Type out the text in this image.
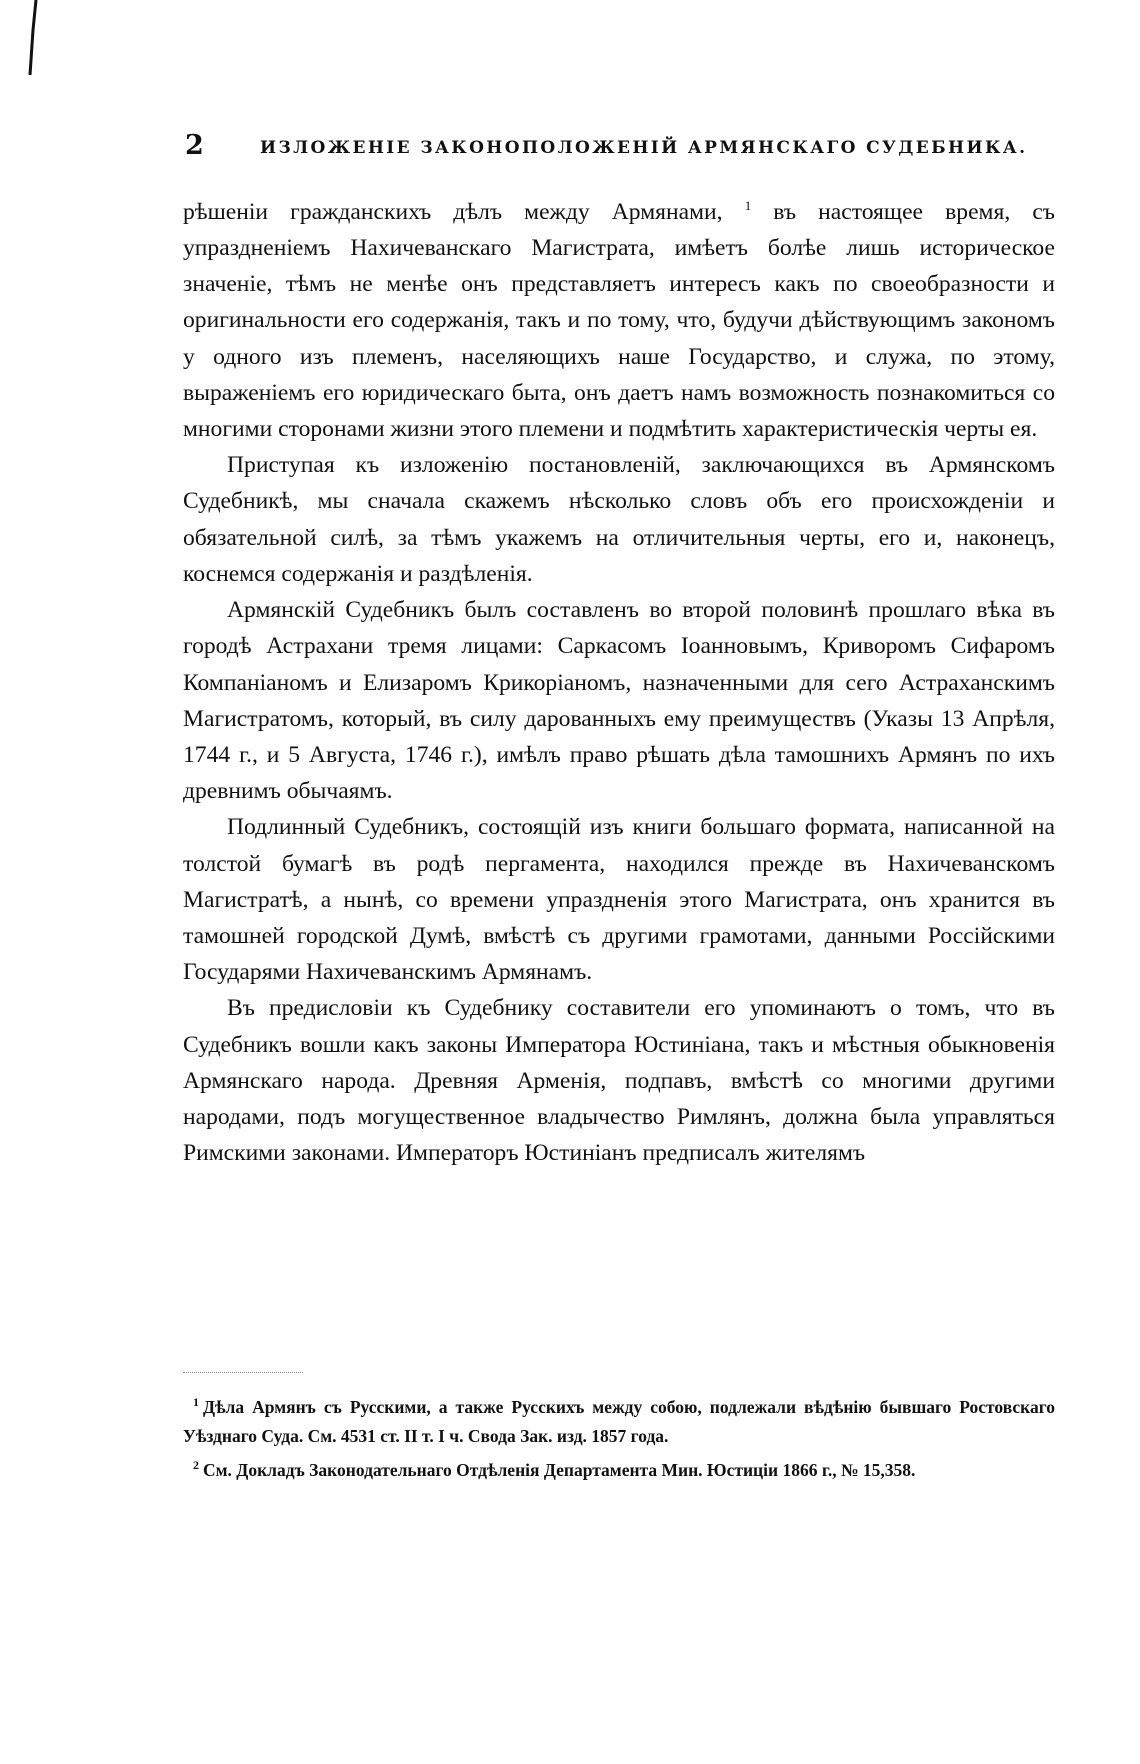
2	ИЗЛОЖЕНІЕ ЗАКОНОПОЛОЖЕНІЙ АРМЯНСКАГО СУДЕБНИКА.

рѣшеніи гражданскихъ дѣлъ между Армянами, $^1$ въ настоящее время, съ упраздненіемъ Нахичеванскаго Магистрата, имѣетъ болѣе лишь историческое значеніе, тѣмъ не менѣе онъ представляетъ интересъ какъ по своеобразности и оригинальности его содержанія, такъ и по тому, что, будучи дѣйствующимъ закономъ у одного изъ племенъ, населяющихъ наше Государство, и служа, по этому, выраженіемъ его юридическаго быта, онъ даетъ намъ возможность познакомиться со многими сторонами жизни этого племени и подмѣтить характеристическія черты ея.

Приступая къ изложенію постановленій, заключающихся въ Армянскомъ Судебникѣ, мы сначала скажемъ нѣсколько словъ объ его происхожденіи и обязательной силѣ, за тѣмъ укажемъ на отличительныя черты, его и, наконецъ, коснемся содержанія и раздѣленія.

Армянскій Судебникъ былъ составленъ во второй половинѣ прошлаго вѣка въ городѣ Астрахани тремя лицами: Саркасомъ Іоанновымъ, Криворомъ Сифаромъ Компаніаномъ и Елизаромъ Крикоріаномъ, назначенными для сего Астраханскимъ Магистратомъ, который, въ силу дарованныхъ ему преимуществъ (Указы 13 Апрѣля, 1744 г., и 5 Августа, 1746 г.), имѣлъ право рѣшать дѣла тамошнихъ Армянъ по ихъ древнимъ обычаямъ.

Подлинный Судебникъ, состоящій изъ книги большаго формата, написанной на толстой бумагѣ въ родѣ пергамента, находился прежде въ Нахичеванскомъ Магистратѣ, а нынѣ, со времени упраздненія этого Магистрата, онъ хранится въ тамошней городской Думѣ, вмѣстѣ съ другими грамотами, данными Россійскими Государями Нахичеванскимъ Армянамъ.

Въ предисловіи къ Судебнику составители его упоминаютъ о томъ, что въ Судебникъ вошли какъ законы Императора Юстиніана, такъ и мѣстныя обыкновенія Армянскаго народа. Древняя Арменія, подпавъ, вмѣстѣ со многими другими народами, подъ могущественное владычество Римлянъ, должна была управляться Римскими законами. Императоръ Юстиніанъ предписалъ жителямъ

$^1$ Дѣла Армянъ съ Русскими, а также Русскихъ между собою, подлежали вѣдѣнію бывшаго Ростовскаго Уѣзднаго Суда. См. 4531 ст. II т. I ч. Свода Зак. изд. 1857 года.

$^2$ См. Докладъ Законодательнаго Отдѣленія Департамента Мин. Юстиціи 1866 г., № 15,358.
